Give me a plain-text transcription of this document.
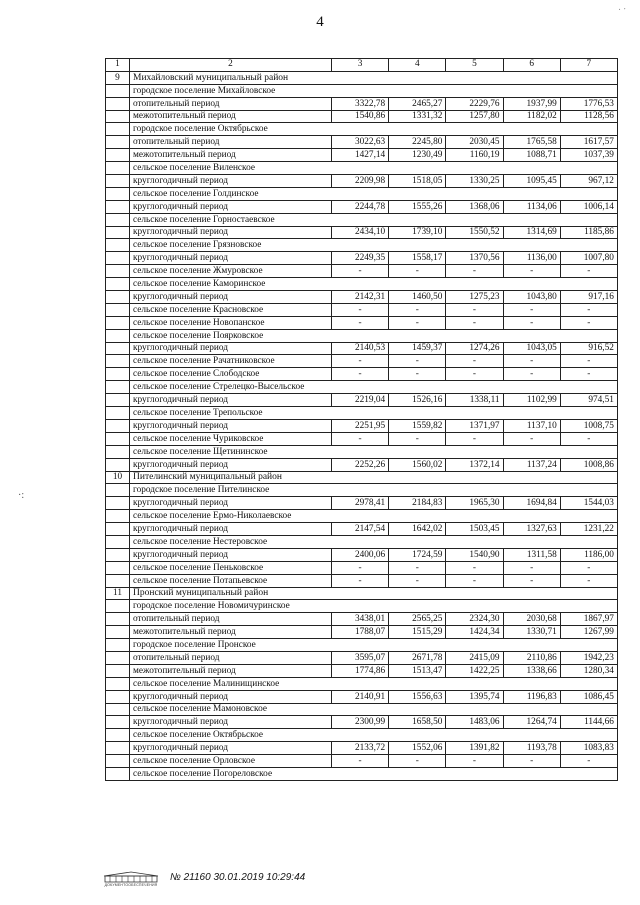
4
· ·
·:
1	2	3	4	5	6	7
9	Михайловский муниципальный район					
	городское поселение Михайловское					
	отопительный период	3322,78	2465,27	2229,76	1937,99	1776,53
	межотопительный период	1540,86	1331,32	1257,80	1182,02	1128,56
	городское поселение Октябрьское					
	отопительный период	3022,63	2245,80	2030,45	1765,58	1617,57
	межотопительный период	1427,14	1230,49	1160,19	1088,71	1037,39
	сельское поселение Виленское					
	круглогодичный период	2209,98	1518,05	1330,25	1095,45	967,12
	сельское поселение Голдинское					
	круглогодичный период	2244,78	1555,26	1368,06	1134,06	1006,14
	сельское поселение Горностаевское					
	круглогодичный период	2434,10	1739,10	1550,52	1314,69	1185,86
	сельское поселение Грязновское					
	круглогодичный период	2249,35	1558,17	1370,56	1136,00	1007,80
	сельское поселение Жмуровское	-	-	-	-	-
	сельское поселение Каморинское					
	круглогодичный период	2142,31	1460,50	1275,23	1043,80	917,16
	сельское поселение Красновское	-	-	-	-	-
	сельское поселение Новопанское	-	-	-	-	-
	сельское поселение Поярковское					
	круглогодичный период	2140,53	1459,37	1274,26	1043,05	916,52
	сельское поселение Рачатниковское	-	-	-	-	-
	сельское поселение Слободское	-	-	-	-	-
	сельское поселение Стрелецко-Высельское					
	круглогодичный период	2219,04	1526,16	1338,11	1102,99	974,51
	сельское поселение Трепольское					
	круглогодичный период	2251,95	1559,82	1371,97	1137,10	1008,75
	сельское поселение Чуриковское	-	-	-	-	-
	сельское поселение Щетининское					
	круглогодичный период	2252,26	1560,02	1372,14	1137,24	1008,86
10	Пителинский муниципальный район					
	городское поселение Пителинское					
	круглогодичный период	2978,41	2184,83	1965,30	1694,84	1544,03
	сельское поселение Ермо-Николаевское					
	круглогодичный период	2147,54	1642,02	1503,45	1327,63	1231,22
	сельское поселение Нестеровское					
	круглогодичный период	2400,06	1724,59	1540,90	1311,58	1186,00
	сельское поселение Пеньковское	-	-	-	-	-
	сельское поселение Потапьевское	-	-	-	-	-
11	Пронский муниципальный район					
	городское поселение Новомичуринское					
	отопительный период	3438,01	2565,25	2324,30	2030,68	1867,97
	межотопительный период	1788,07	1515,29	1424,34	1330,71	1267,99
	городское поселение Пронское					
	отопительный период	3595,07	2671,78	2415,09	2110,86	1942,23
	межотопительный период	1774,86	1513,47	1422,25	1338,66	1280,34
	сельское поселение Малинищинское					
	круглогодичный период	2140,91	1556,63	1395,74	1196,83	1086,45
	сельское поселение Мамоновское					
	круглогодичный период	2300,99	1658,50	1483,06	1264,74	1144,66
	сельское поселение Октябрьское					
	круглогодичный период	2133,72	1552,06	1391,82	1193,78	1083,83
	сельское поселение Орловское	-	-	-	-	-
	сельское поселение Погореловское					
ДОКУМЕНТООБЕСПЕЧЕНИЯ
№ 21160 30.01.2019 10:29:44
